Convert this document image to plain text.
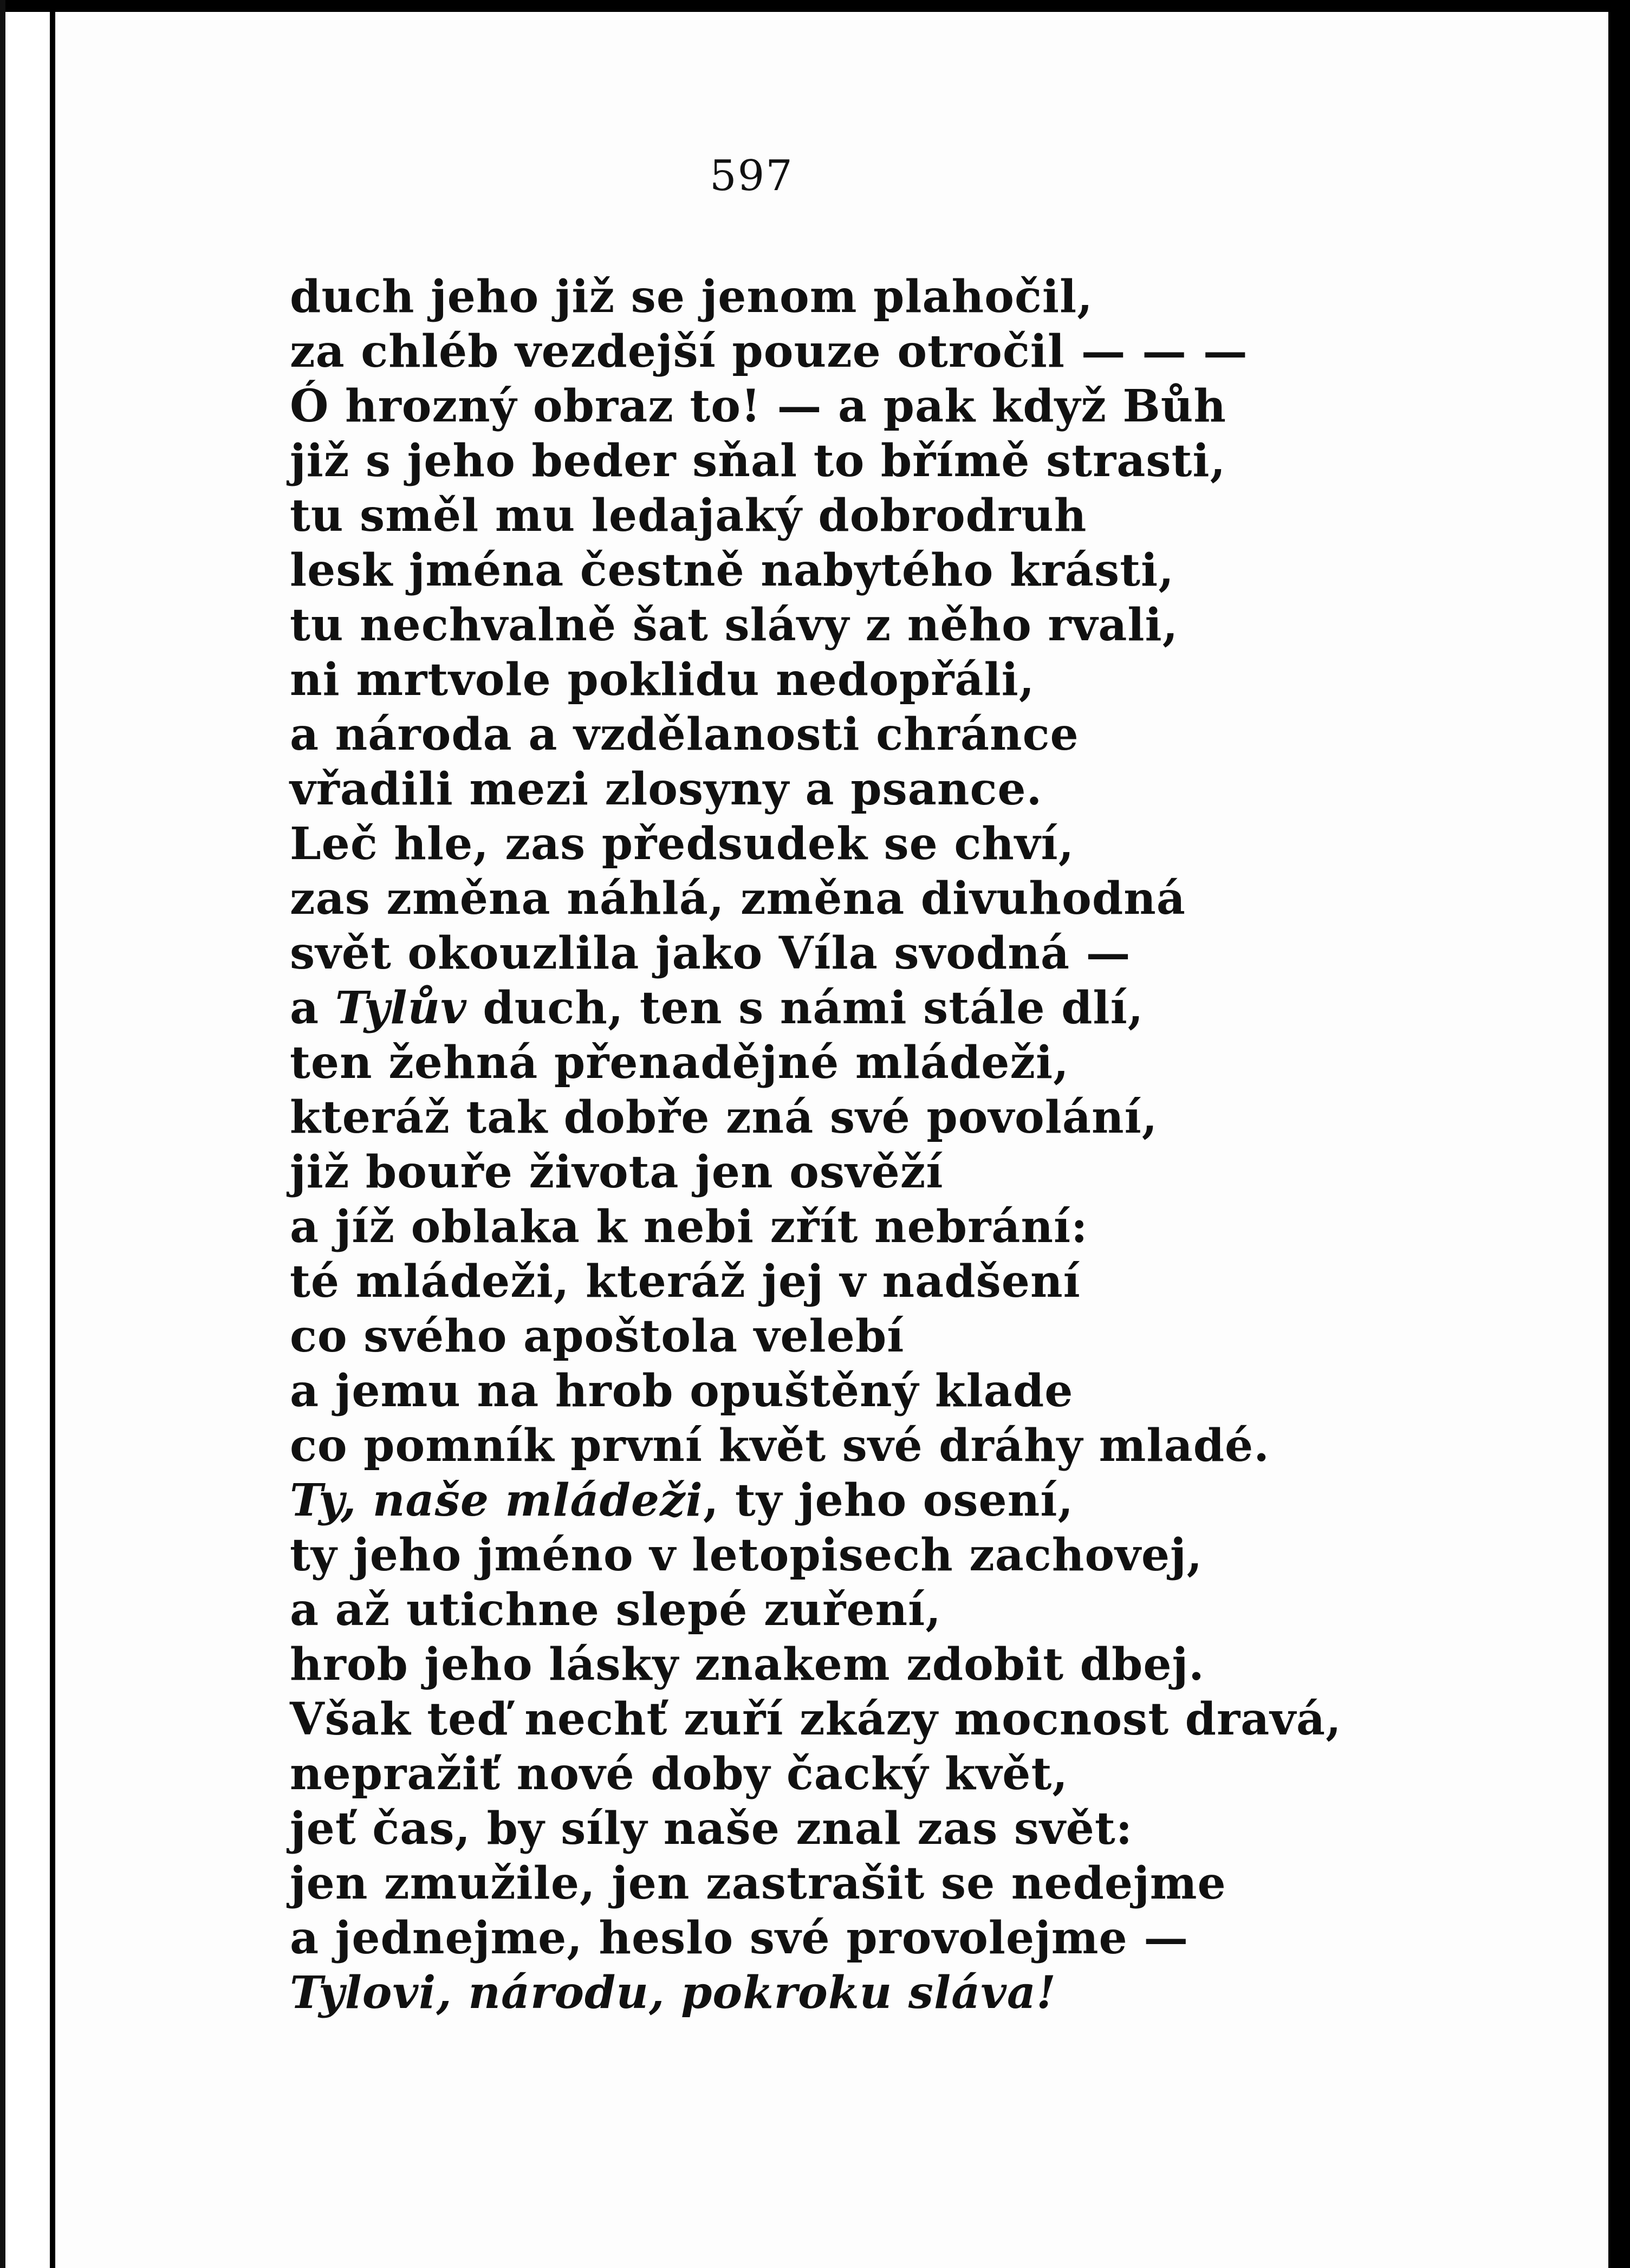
597
duch jeho již se jenom plahočil,
za chléb vezdejší pouze otročil — — —
Ó hrozný obraz to! — a pak když Bůh
již s jeho beder sňal to břímě strasti,
tu směl mu ledajaký dobrodruh
lesk jména čestně nabytého krásti,
tu nechvalně šat slávy z něho rvali,
ni mrtvole poklidu nedopřáli,
a národa a vzdělanosti chránce
vřadili mezi zlosyny a psance.
Leč hle, zas předsudek se chví,
zas změna náhlá, změna divuhodná
svět okouzlila jako Víla svodná —
a Tylův duch, ten s námi stále dlí,
ten žehná přenadějné mládeži,
kteráž tak dobře zná své povolání,
již bouře života jen osvěží
a jíž oblaka k nebi zřít nebrání:
té mládeži, kteráž jej v nadšení
co svého apoštola velebí
a jemu na hrob opuštěný klade
co pomník první květ své dráhy mladé.
Ty, naše mládeži, ty jeho osení,
ty jeho jméno v letopisech zachovej,
a až utichne slepé zuření,
hrob jeho lásky znakem zdobit dbej.
Však teď nechť zuří zkázy mocnost dravá,
nepražiť nové doby čacký květ,
jeť čas, by síly naše znal zas svět:
jen zmužile, jen zastrašit se nedejme
a jednejme, heslo své provolejme —
Tylovi, národu, pokroku sláva!
